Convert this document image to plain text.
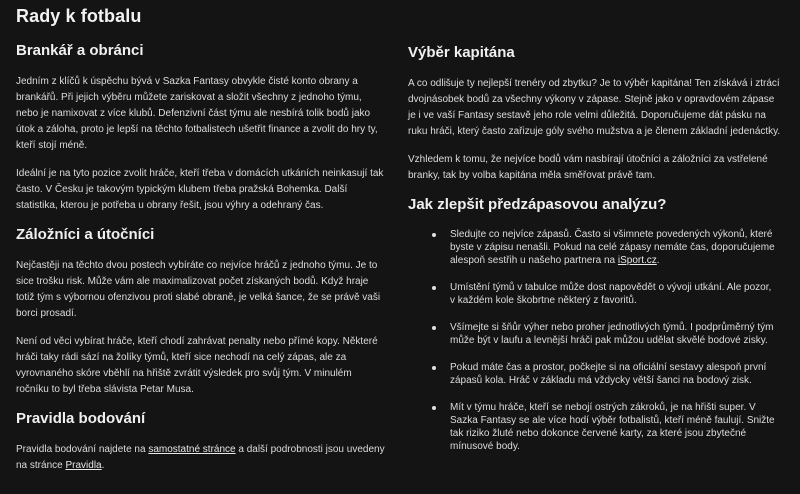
Rady k fotbalu
Brankář a obránci

Jedním z klíčů k úspěchu bývá v Sazka Fantasy obvykle čisté konto obrany a brankářů. Při jejich výběru můžete zariskovat a složit všechny z jednoho týmu, nebo je namixovat z více klubů. Defenzivní část týmu ale nesbírá tolik bodů jako útok a záloha, proto je lepší na těchto fotbalistech ušetřit finance a zvolit do hry ty, kteří stojí méně.

Ideální je na tyto pozice zvolit hráče, kteří třeba v domácích utkáních neinkasují tak často. V Česku je takovým typickým klubem třeba pražská Bohemka. Další statistika, kterou je potřeba u obrany řešit, jsou výhry a odehraný čas.

Záložníci a útočníci

Nejčastěji na těchto dvou postech vybíráte co nejvíce hráčů z jednoho týmu. Je to sice trošku risk. Může vám ale maximalizovat počet získaných bodů. Když hraje totiž tým s výbornou ofenzivou proti slabé obraně, je velká šance, že se právě vaši borci prosadí.

Není od věci vybírat hráče, kteří chodí zahrávat penalty nebo přímé kopy. Některé hráči taky rádi sází na žolíky týmů, kteří sice nechodí na celý zápas, ale za vyrovnaného skóre vběhlí na hřiště zvrátit výsledek pro svůj tým. V minulém ročníku to byl třeba slávista Petar Musa.

Pravidla bodování

Pravidla bodování najdete na samostatné stránce a další podrobnosti jsou uvedeny na stránce Pravidla.

Výběr kapitána

A co odlišuje ty nejlepší trenéry od zbytku? Je to výběr kapitána! Ten získává i ztrácí dvojnásobek bodů za všechny výkony v zápase. Stejně jako v opravdovém zápase je i ve vaší Fantasy sestavě jeho role velmi důležitá. Doporučujeme dát pásku na ruku hráči, který často zařizuje góly svého mužstva a je členem základní jedenáctky.

Vzhledem k tomu, že nejvíce bodů vám nasbírají útočníci a záložníci za vstřelené branky, tak by volba kapitána měla směřovat právě tam.

Jak zlepšit předzápasovou analýzu?
Sledujte co nejvíce zápasů. Často si všimnete povedených výkonů, které byste v zápisu nenašli. Pokud na celé zápasy nemáte čas, doporučujeme alespoň sestřih u našeho partnera na iSport.cz.
Umístění týmů v tabulce může dost napovědět o vývoji utkání. Ale pozor, v každém kole škobrtne některý z favoritů.
Všímejte si šňůr výher nebo proher jednotlivých týmů. I podprůměrný tým může být v laufu a levnější hráči pak můžou udělat skvělé bodové zisky.
Pokud máte čas a prostor, počkejte si na oficiální sestavy alespoň první zápasů kola. Hráč v základu má vždycky větší šanci na bodový zisk.
Mít v týmu hráče, kteří se nebojí ostrých zákroků, je na hřišti super. V Sazka Fantasy se ale více hodí výběr fotbalistů, kteří méně faulují. Snižte tak riziko žluté nebo dokonce červené karty, za které jsou zbytečné mínusové body.
